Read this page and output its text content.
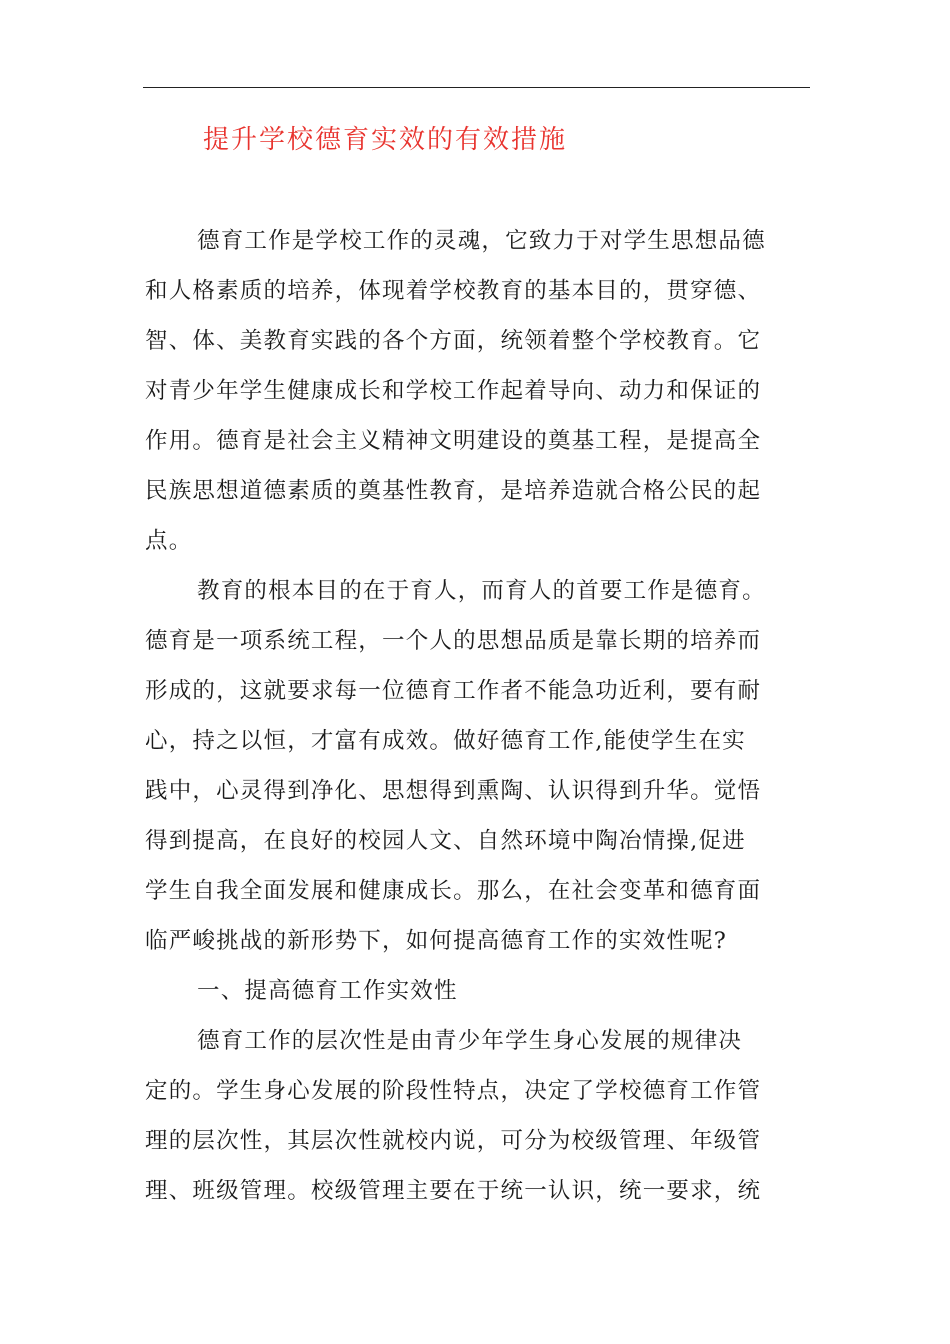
提升学校德育实效的有效措施
德育工作是学校工作的灵魂，它致力于对学生思想品德
和人格素质的培养，体现着学校教育的基本目的，贯穿德、
智、体、美教育实践的各个方面，统领着整个学校教育。它
对青少年学生健康成长和学校工作起着导向、动力和保证的
作用。德育是社会主义精神文明建设的奠基工程，是提高全
民族思想道德素质的奠基性教育，是培养造就合格公民的起
点。
教育的根本目的在于育人，而育人的首要工作是德育。
德育是一项系统工程，一个人的思想品质是靠长期的培养而
形成的，这就要求每一位德育工作者不能急功近利，要有耐
心，持之以恒，才富有成效。做好德育工作,能使学生在实
践中，心灵得到净化、思想得到熏陶、认识得到升华。觉悟
得到提高，在良好的校园人文、自然环境中陶冶情操,促进
学生自我全面发展和健康成长。那么，在社会变革和德育面
临严峻挑战的新形势下，如何提高德育工作的实效性呢?
一、提高德育工作实效性
德育工作的层次性是由青少年学生身心发展的规律决
定的。学生身心发展的阶段性特点，决定了学校德育工作管
理的层次性，其层次性就校内说，可分为校级管理、年级管
理、班级管理。校级管理主要在于统一认识，统一要求，统
